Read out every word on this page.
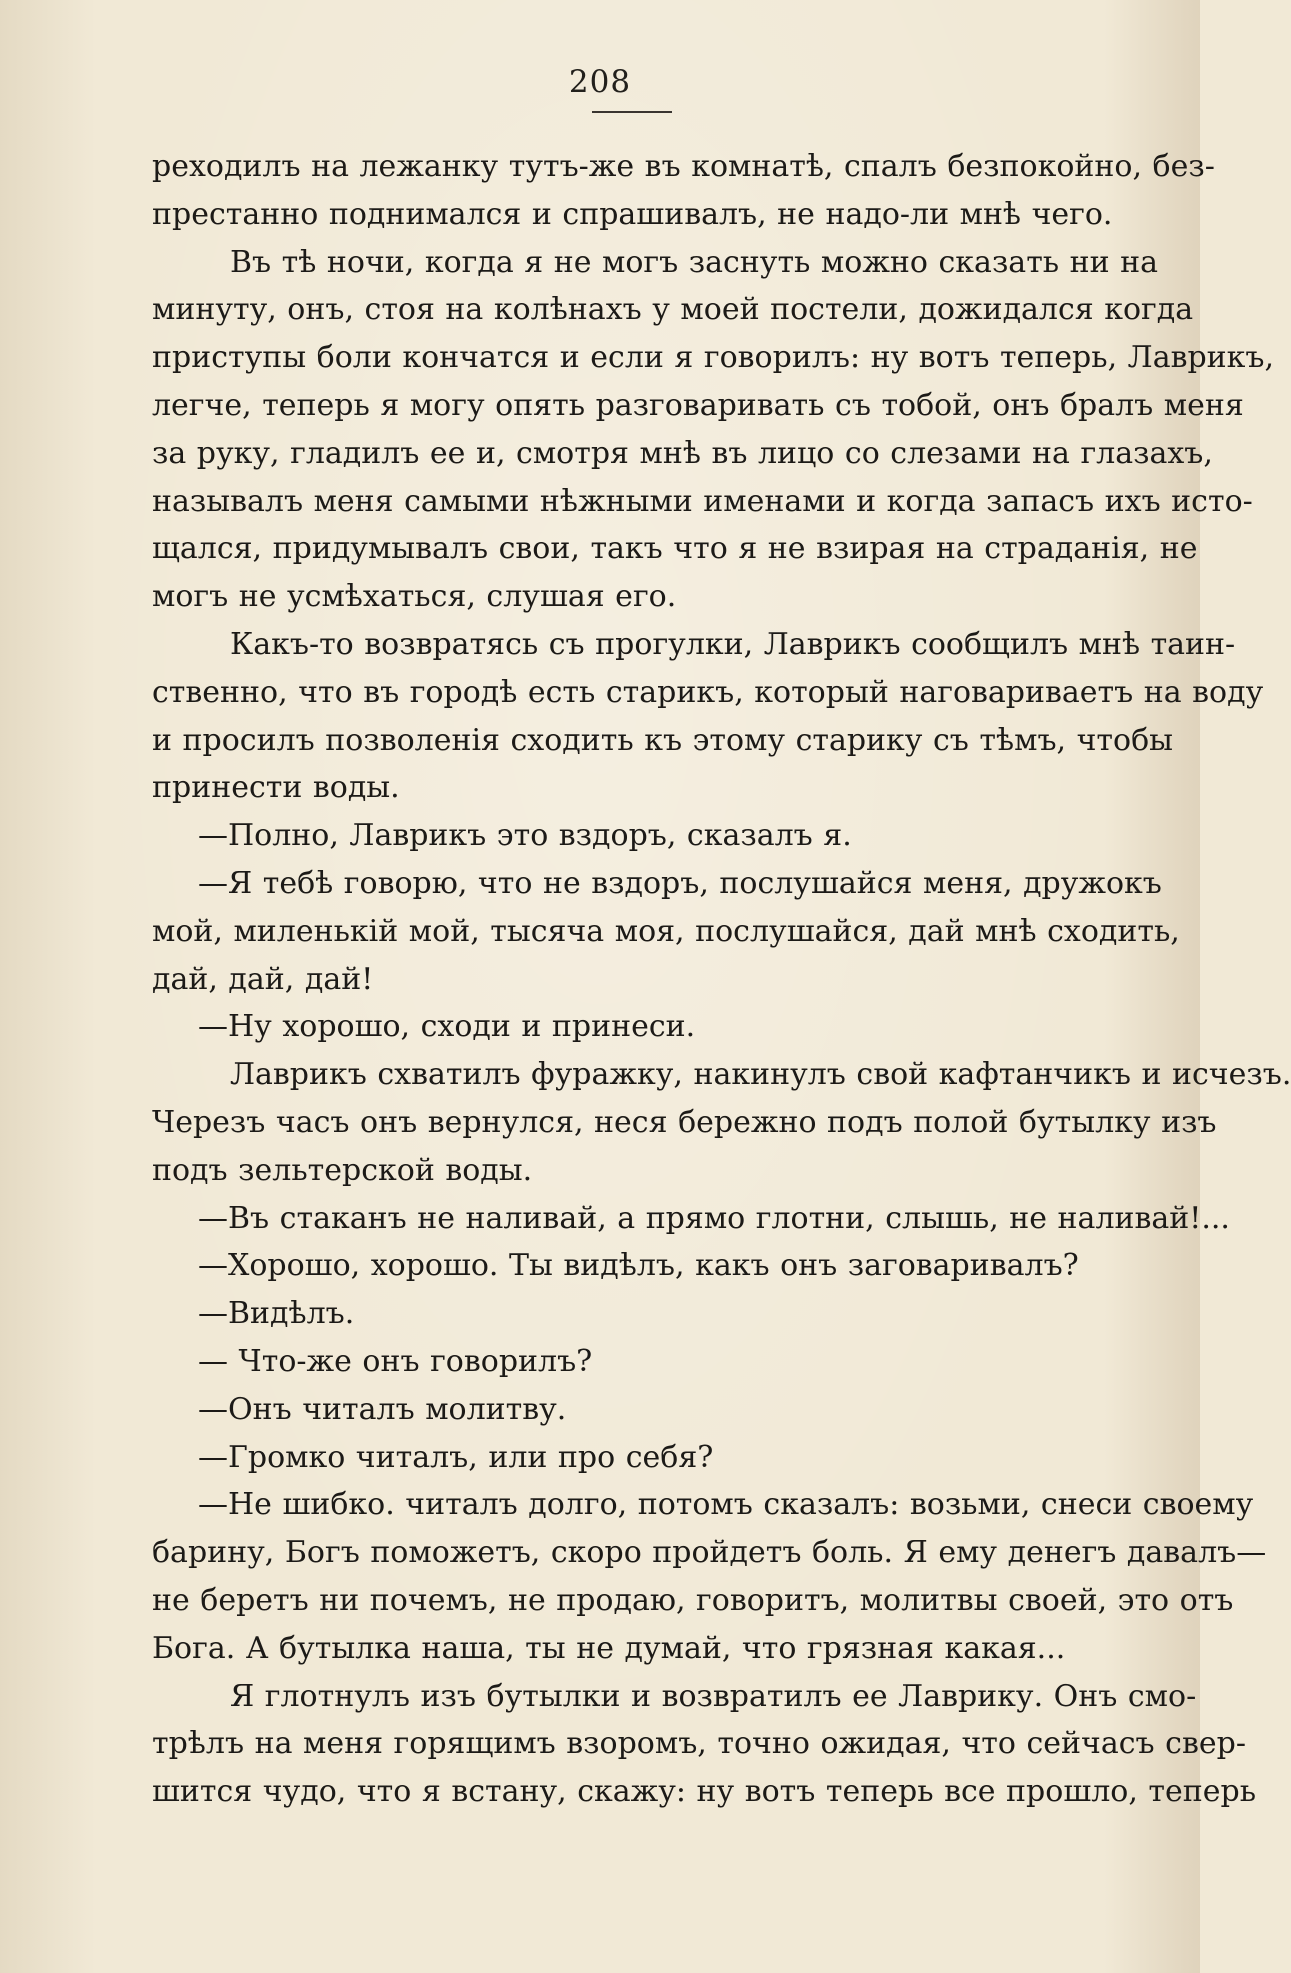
208
реходилъ на лежанку тутъ-же въ комнатѣ, спалъ безпокойно, без-
престанно поднимался и спрашивалъ, не надо-ли мнѣ чего.
Въ тѣ ночи, когда я не могъ заснуть можно сказать ни на
минуту, онъ, стоя на колѣнахъ у моей постели, дожидался когда
приступы боли кончатся и если я говорилъ: ну вотъ теперь, Лаврикъ,
легче, теперь я могу опять разговаривать съ тобой, онъ бралъ меня
за руку, гладилъ ее и, смотря мнѣ въ лицо со слезами на глазахъ,
называлъ меня самыми нѣжными именами и когда запасъ ихъ исто-
щался, придумывалъ свои, такъ что я не взирая на страданія, не
могъ не усмѣхаться, слушая его.
Какъ-то возвратясь съ прогулки, Лаврикъ сообщилъ мнѣ таин-
ственно, что въ городѣ есть старикъ, который наговариваетъ на воду
и просилъ позволенія сходить къ этому старику съ тѣмъ, чтобы
принести воды.
—Полно, Лаврикъ это вздоръ, сказалъ я.
—Я тебѣ говорю, что не вздоръ, послушайся меня, дружокъ
мой, миленькій мой, тысяча моя, послушайся, дай мнѣ сходить,
дай, дай, дай!
—Ну хорошо, сходи и принеси.
Лаврикъ схватилъ фуражку, накинулъ свой кафтанчикъ и исчезъ.
Черезъ часъ онъ вернулся, неся бережно подъ полой бутылку изъ
подъ зельтерской воды.
—Въ стаканъ не наливай, а прямо глотни, слышь, не наливай!...
—Хорошо, хорошо. Ты видѣлъ, какъ онъ заговаривалъ?
—Видѣлъ.
— Что-же онъ говорилъ?
—Онъ читалъ молитву.
—Громко читалъ, или про себя?
—Не шибко. читалъ долго, потомъ сказалъ: возьми, снеси своему
барину, Богъ поможетъ, скоро пройдетъ боль. Я ему денегъ давалъ—
не беретъ ни почемъ, не продаю, говоритъ, молитвы своей, это отъ
Бога. А бутылка наша, ты не думай, что грязная какая...
Я глотнулъ изъ бутылки и возвратилъ ее Лаврику. Онъ смо-
трѣлъ на меня горящимъ взоромъ, точно ожидая, что сейчасъ свер-
шится чудо, что я встану, скажу: ну вотъ теперь все прошло, теперь
